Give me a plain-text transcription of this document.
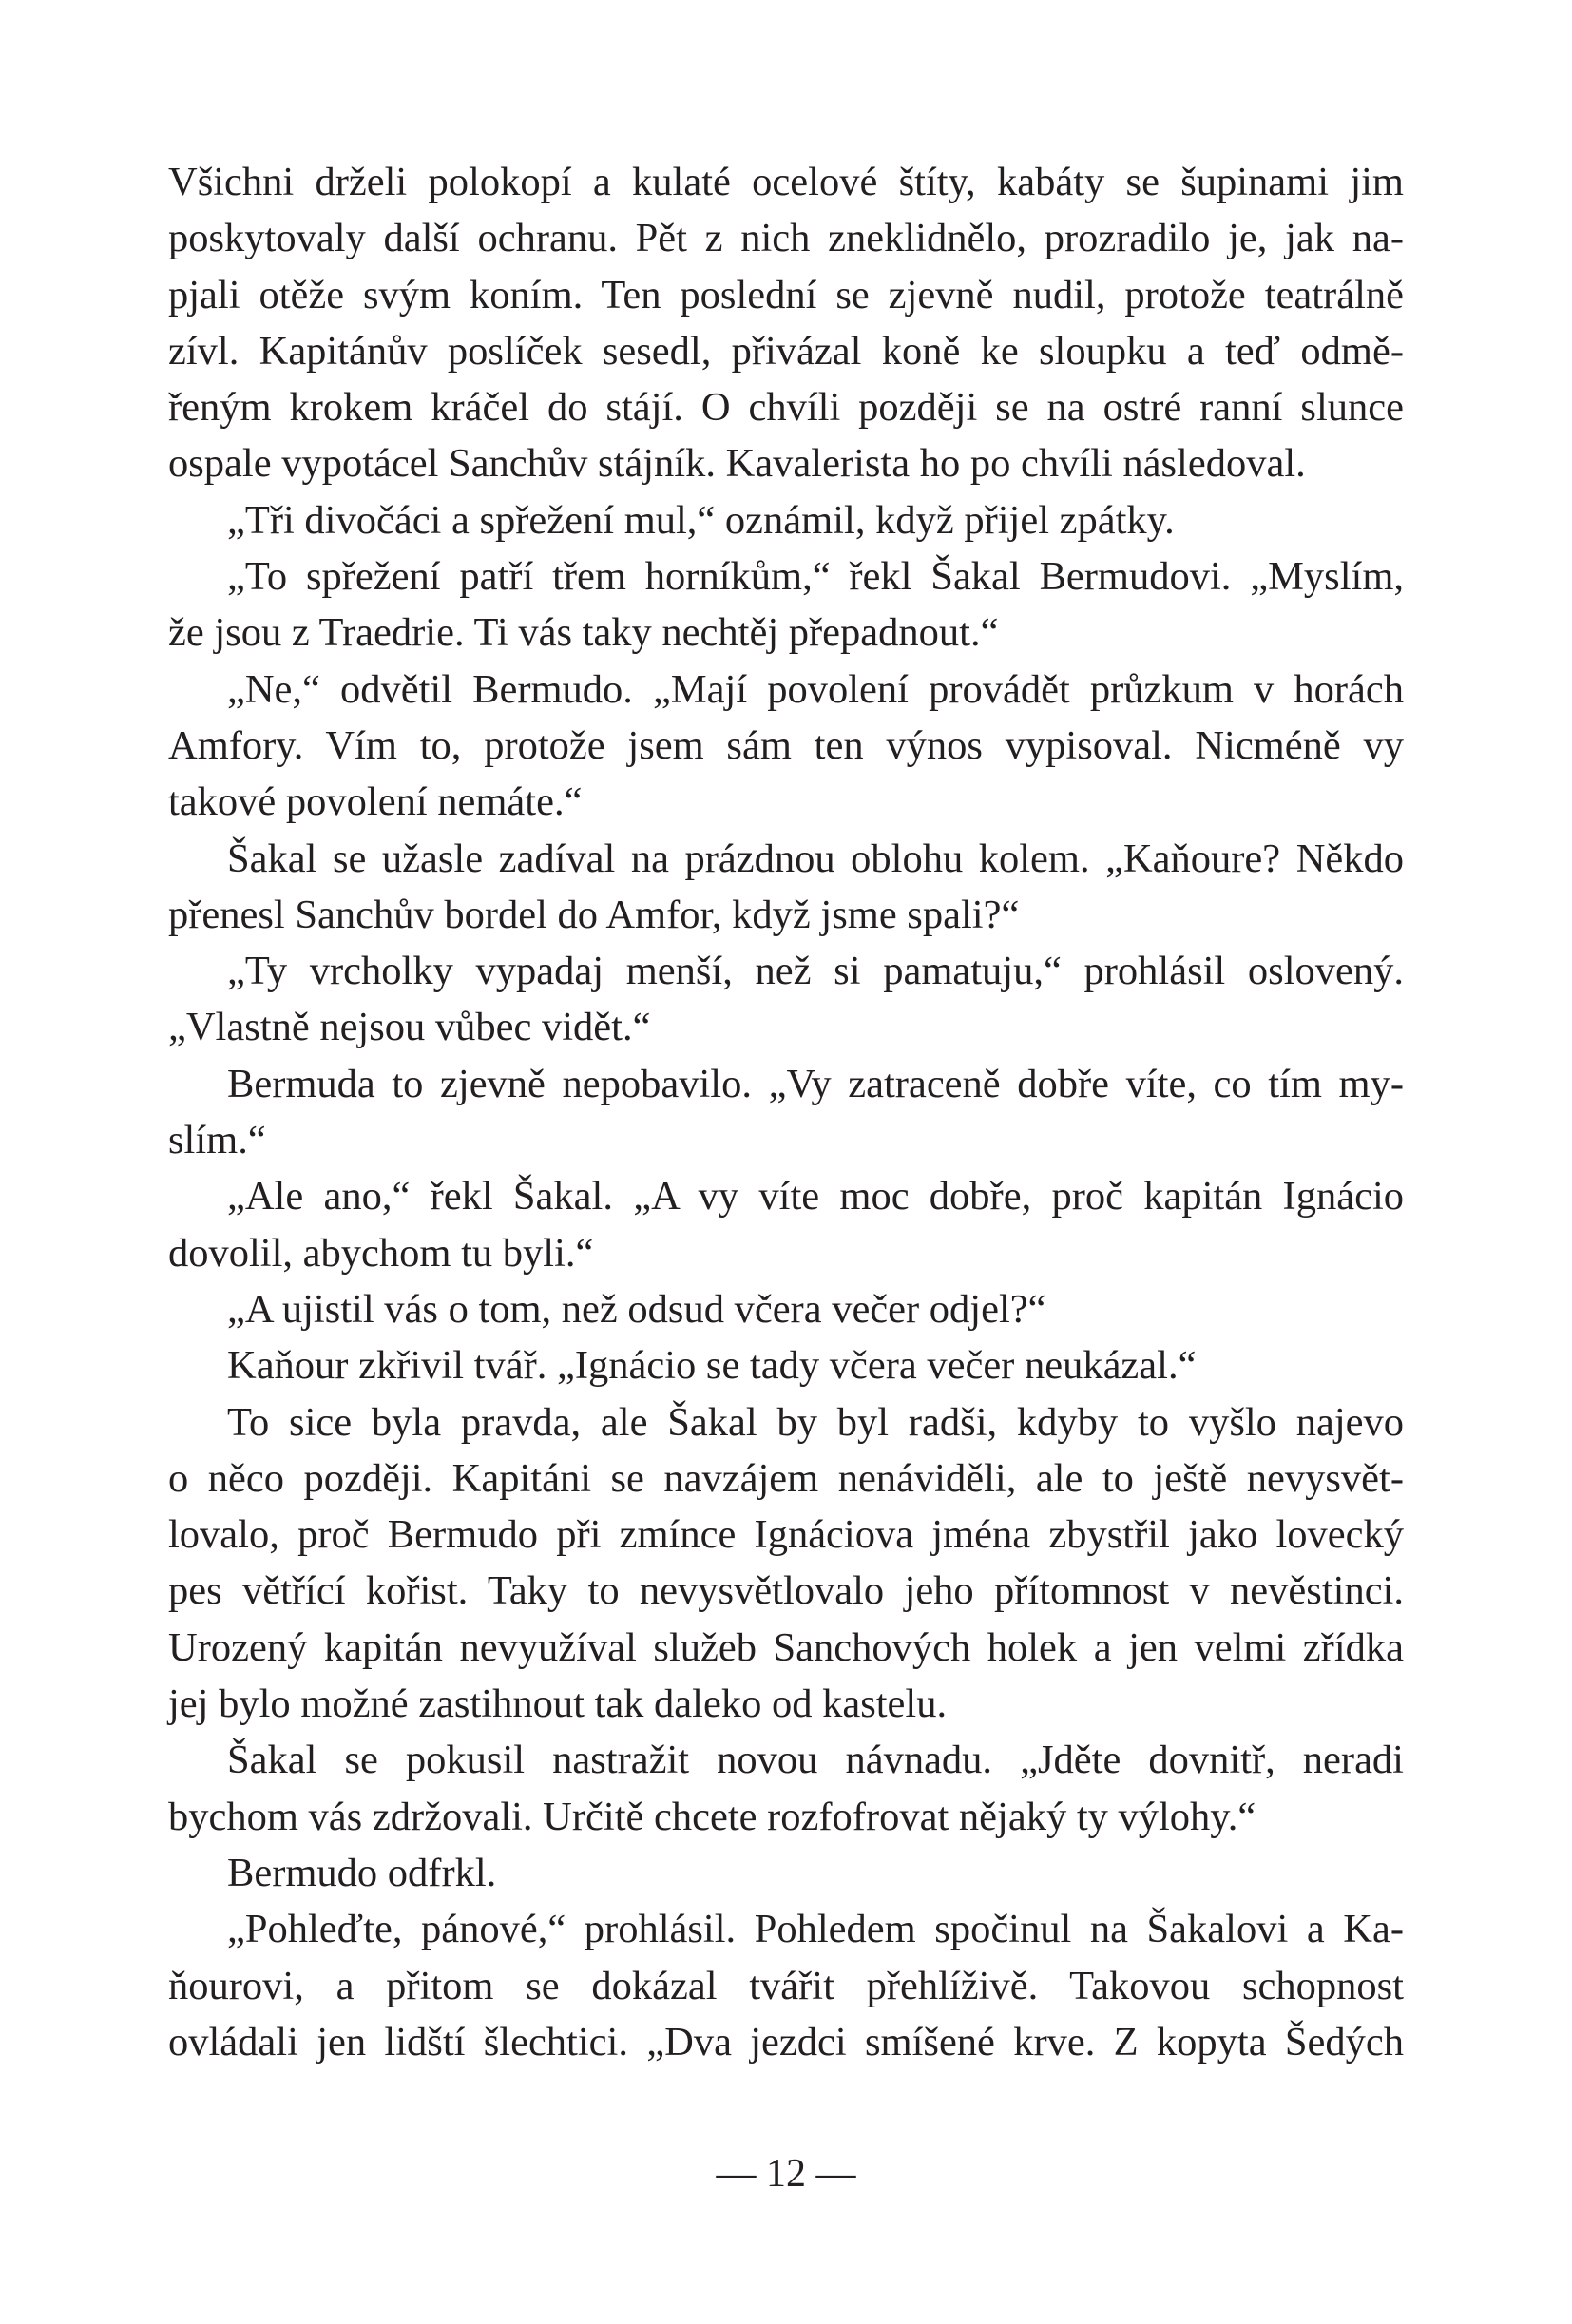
Všichni drželi polokopí a kulaté ocelové štíty, kabáty se šupinami jim
poskytovaly další ochranu. Pět z nich zneklidnělo, prozradilo je, jak na-
pjali otěže svým koním. Ten poslední se zjevně nudil, protože teatrálně
zívl. Kapitánův poslíček sesedl, přivázal koně ke sloupku a teď odmě-
řeným krokem kráčel do stájí. O chvíli později se na ostré ranní slunce
ospale vypotácel Sanchův stájník. Kavalerista ho po chvíli následoval.
„Tři divočáci a spřežení mul,“ oznámil, když přijel zpátky.
„To spřežení patří třem horníkům,“ řekl Šakal Bermudovi. „Myslím,
že jsou z Traedrie. Ti vás taky nechtěj přepadnout.“
„Ne,“ odvětil Bermudo. „Mají povolení provádět průzkum v horách
Amfory. Vím to, protože jsem sám ten výnos vypisoval. Nicméně vy
takové povolení nemáte.“
Šakal se užasle zadíval na prázdnou oblohu kolem. „Kaňoure? Někdo
přenesl Sanchův bordel do Amfor, když jsme spali?“
„Ty vrcholky vypadaj menší, než si pamatuju,“ prohlásil oslovený.
„Vlastně nejsou vůbec vidět.“
Bermuda to zjevně nepobavilo. „Vy zatraceně dobře víte, co tím my-
slím.“
„Ale ano,“ řekl Šakal. „A vy víte moc dobře, proč kapitán Ignácio
dovolil, abychom tu byli.“
„A ujistil vás o tom, než odsud včera večer odjel?“
Kaňour zkřivil tvář. „Ignácio se tady včera večer neukázal.“
To sice byla pravda, ale Šakal by byl radši, kdyby to vyšlo najevo
o něco později. Kapitáni se navzájem nenáviděli, ale to ještě nevysvět-
lovalo, proč Bermudo při zmínce Ignáciova jména zbystřil jako lovecký
pes větřící kořist. Taky to nevysvětlovalo jeho přítomnost v nevěstinci.
Urozený kapitán nevyužíval služeb Sanchových holek a jen velmi zřídka
jej bylo možné zastihnout tak daleko od kastelu.
Šakal se pokusil nastražit novou návnadu. „Jděte dovnitř, neradi
bychom vás zdržovali. Určitě chcete rozfofrovat nějaký ty výlohy.“
Bermudo odfrkl.
„Pohleďte, pánové,“ prohlásil. Pohledem spočinul na Šakalovi a Ka-
ňourovi, a přitom se dokázal tvářit přehlíživě. Takovou schopnost
ovládali jen lidští šlechtici. „Dva jezdci smíšené krve. Z kopyta Šedých
— 12 —
